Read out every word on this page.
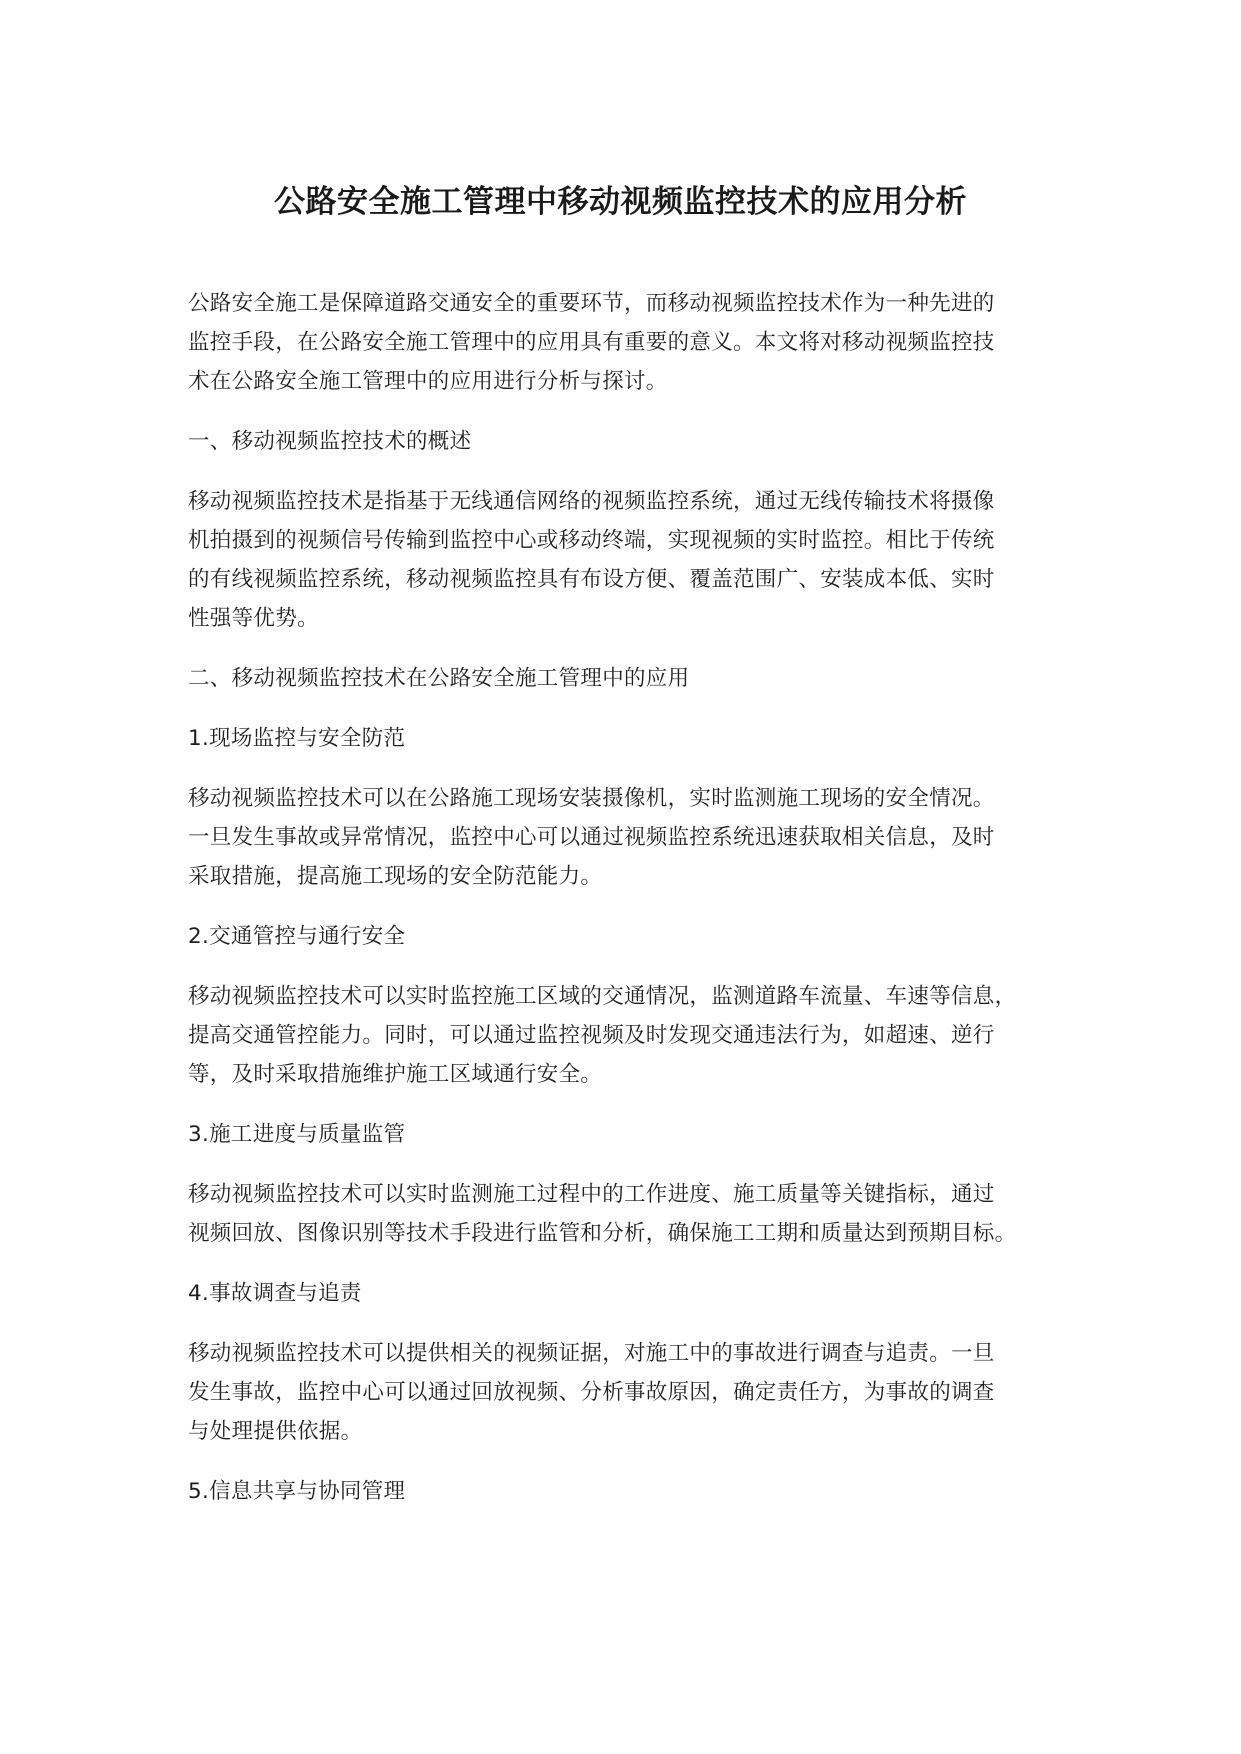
公路安全施工管理中移动视频监控技术的应用分析

公路安全施工是保障道路交通安全的重要环节，而移动视频监控技术作为一种先进的
监控手段，在公路安全施工管理中的应用具有重要的意义。本文将对移动视频监控技
术在公路安全施工管理中的应用进行分析与探讨。

一、移动视频监控技术的概述

移动视频监控技术是指基于无线通信网络的视频监控系统，通过无线传输技术将摄像
机拍摄到的视频信号传输到监控中心或移动终端，实现视频的实时监控。相比于传统
的有线视频监控系统，移动视频监控具有布设方便、覆盖范围广、安装成本低、实时
性强等优势。

二、移动视频监控技术在公路安全施工管理中的应用

1.现场监控与安全防范

移动视频监控技术可以在公路施工现场安装摄像机，实时监测施工现场的安全情况。
一旦发生事故或异常情况，监控中心可以通过视频监控系统迅速获取相关信息，及时
采取措施，提高施工现场的安全防范能力。

2.交通管控与通行安全

移动视频监控技术可以实时监控施工区域的交通情况，监测道路车流量、车速等信息，
提高交通管控能力。同时，可以通过监控视频及时发现交通违法行为，如超速、逆行
等，及时采取措施维护施工区域通行安全。

3.施工进度与质量监管

移动视频监控技术可以实时监测施工过程中的工作进度、施工质量等关键指标，通过
视频回放、图像识别等技术手段进行监管和分析，确保施工工期和质量达到预期目标。

4.事故调查与追责

移动视频监控技术可以提供相关的视频证据，对施工中的事故进行调查与追责。一旦
发生事故，监控中心可以通过回放视频、分析事故原因，确定责任方，为事故的调查
与处理提供依据。

5.信息共享与协同管理
